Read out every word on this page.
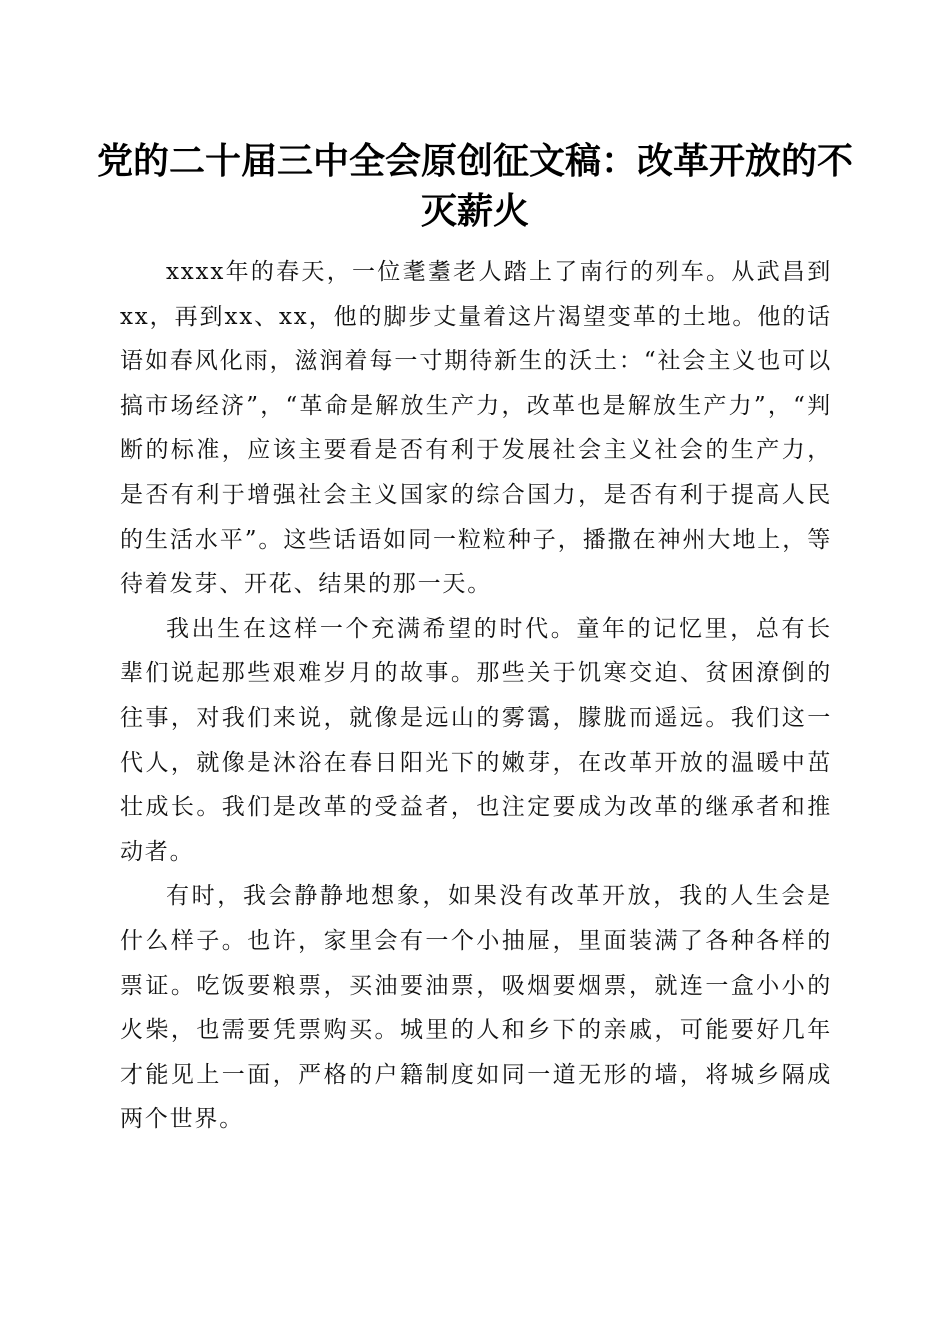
党的二十届三中全会原创征文稿：改革开放的不灭薪火

xxxx年的春天，一位耄耋老人踏上了南行的列车。从武昌到xx，再到xx、xx，他的脚步丈量着这片渴望变革的土地。他的话语如春风化雨，滋润着每一寸期待新生的沃土：“社会主义也可以搞市场经济”，“革命是解放生产力，改革也是解放生产力”，“判断的标准，应该主要看是否有利于发展社会主义社会的生产力，是否有利于增强社会主义国家的综合国力，是否有利于提高人民的生活水平”。这些话语如同一粒粒种子，播撒在神州大地上，等待着发芽、开花、结果的那一天。

我出生在这样一个充满希望的时代。童年的记忆里，总有长辈们说起那些艰难岁月的故事。那些关于饥寒交迫、贫困潦倒的往事，对我们来说，就像是远山的雾霭，朦胧而遥远。我们这一代人，就像是沐浴在春日阳光下的嫩芽，在改革开放的温暖中茁壮成长。我们是改革的受益者，也注定要成为改革的继承者和推动者。

有时，我会静静地想象，如果没有改革开放，我的人生会是什么样子。也许，家里会有一个小抽屉，里面装满了各种各样的票证。吃饭要粮票，买油要油票，吸烟要烟票，就连一盒小小的火柴，也需要凭票购买。城里的人和乡下的亲戚，可能要好几年才能见上一面，严格的户籍制度如同一道无形的墙，将城乡隔成两个世界。
